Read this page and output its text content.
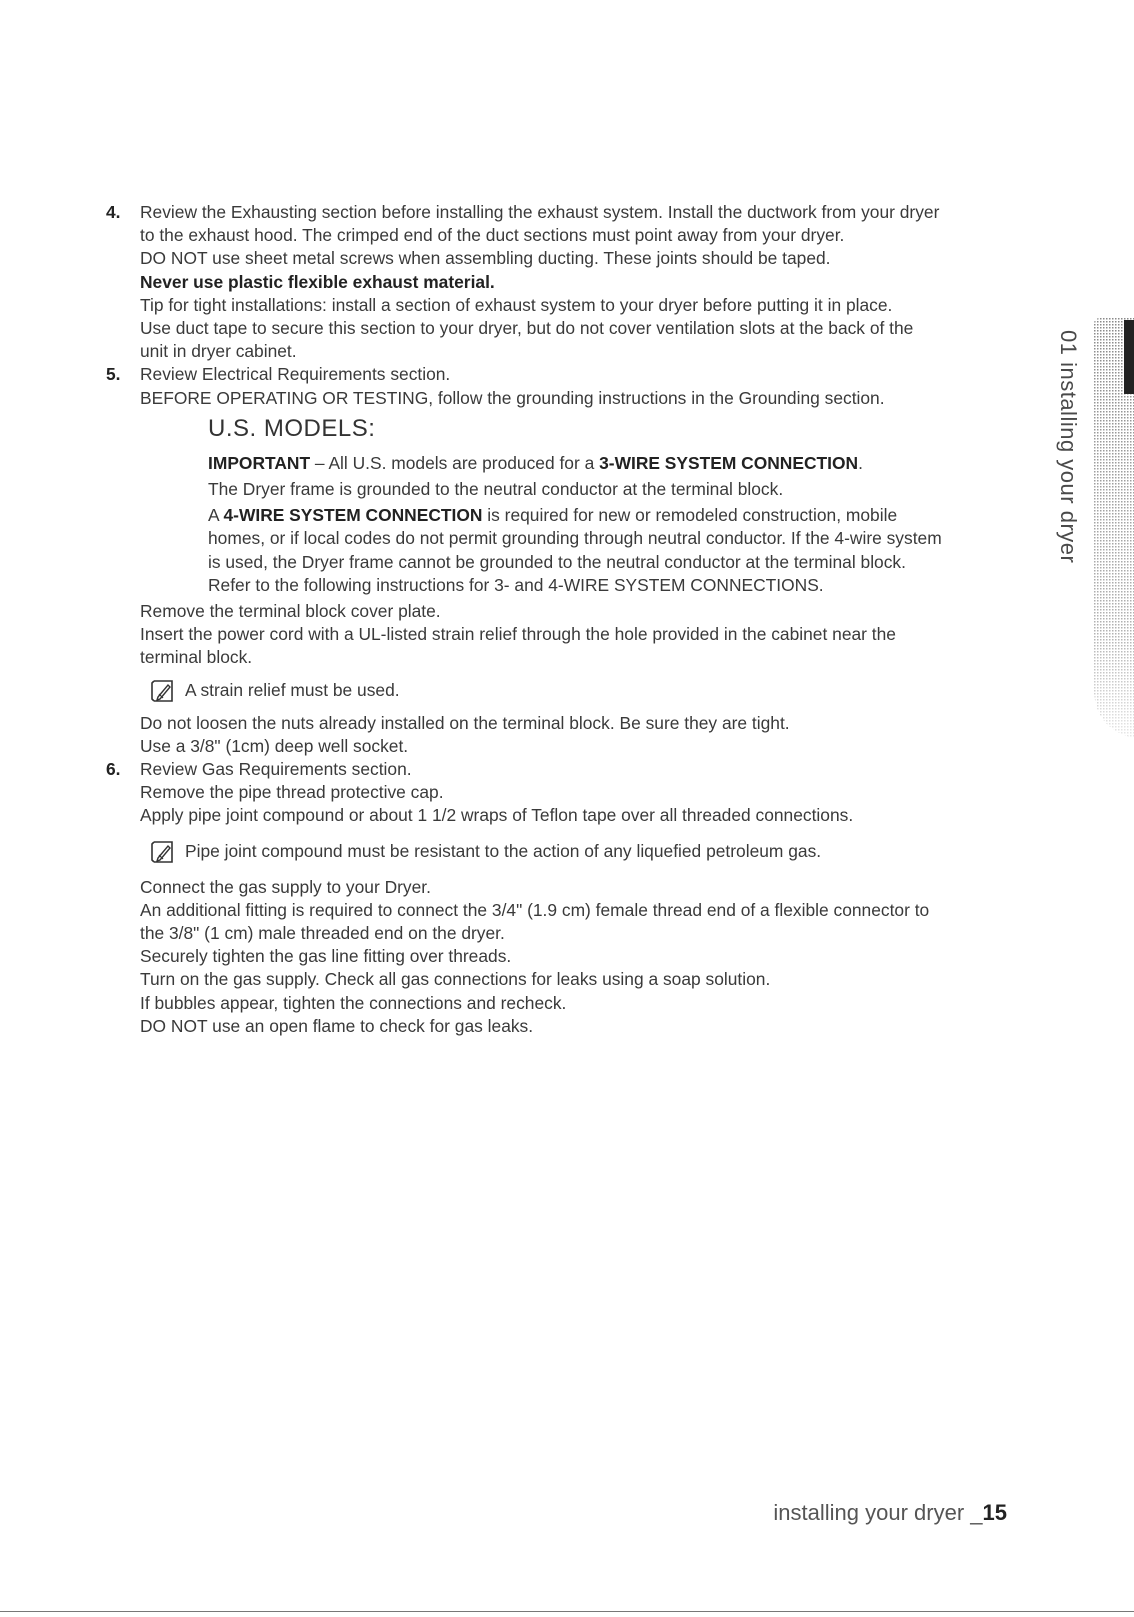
4. Review the Exhausting section before installing the exhaust system. Install the ductwork from your dryer
to the exhaust hood. The crimped end of the duct sections must point away from your dryer.
DO NOT use sheet metal screws when assembling ducting. These joints should be taped.
Never use plastic flexible exhaust material.
Tip for tight installations: install a section of exhaust system to your dryer before putting it in place.
Use duct tape to secure this section to your dryer, but do not cover ventilation slots at the back of the
unit in dryer cabinet.
5. Review Electrical Requirements section.
BEFORE OPERATING OR TESTING, follow the grounding instructions in the Grounding section.
U.S. MODELS:
IMPORTANT – All U.S. models are produced for a 3-WIRE SYSTEM CONNECTION.
The Dryer frame is grounded to the neutral conductor at the terminal block.
A 4-WIRE SYSTEM CONNECTION is required for new or remodeled construction, mobile
homes, or if local codes do not permit grounding through neutral conductor. If the 4-wire system
is used, the Dryer frame cannot be grounded to the neutral conductor at the terminal block.
Refer to the following instructions for 3- and 4-WIRE SYSTEM CONNECTIONS.
Remove the terminal block cover plate.
Insert the power cord with a UL-listed strain relief through the hole provided in the cabinet near the
terminal block.
A strain relief must be used.
Do not loosen the nuts already installed on the terminal block. Be sure they are tight.
Use a 3/8" (1cm) deep well socket.
6. Review Gas Requirements section.
Remove the pipe thread protective cap.
Apply pipe joint compound or about 1 1/2 wraps of Teflon tape over all threaded connections.
Pipe joint compound must be resistant to the action of any liquefied petroleum gas.
Connect the gas supply to your Dryer.
An additional fitting is required to connect the 3/4" (1.9 cm) female thread end of a flexible connector to
the 3/8" (1 cm) male threaded end on the dryer.
Securely tighten the gas line fitting over threads.
Turn on the gas supply. Check all gas connections for leaks using a soap solution.
If bubbles appear, tighten the connections and recheck.
DO NOT use an open flame to check for gas leaks.
01 installing your dryer
installing your dryer _15
